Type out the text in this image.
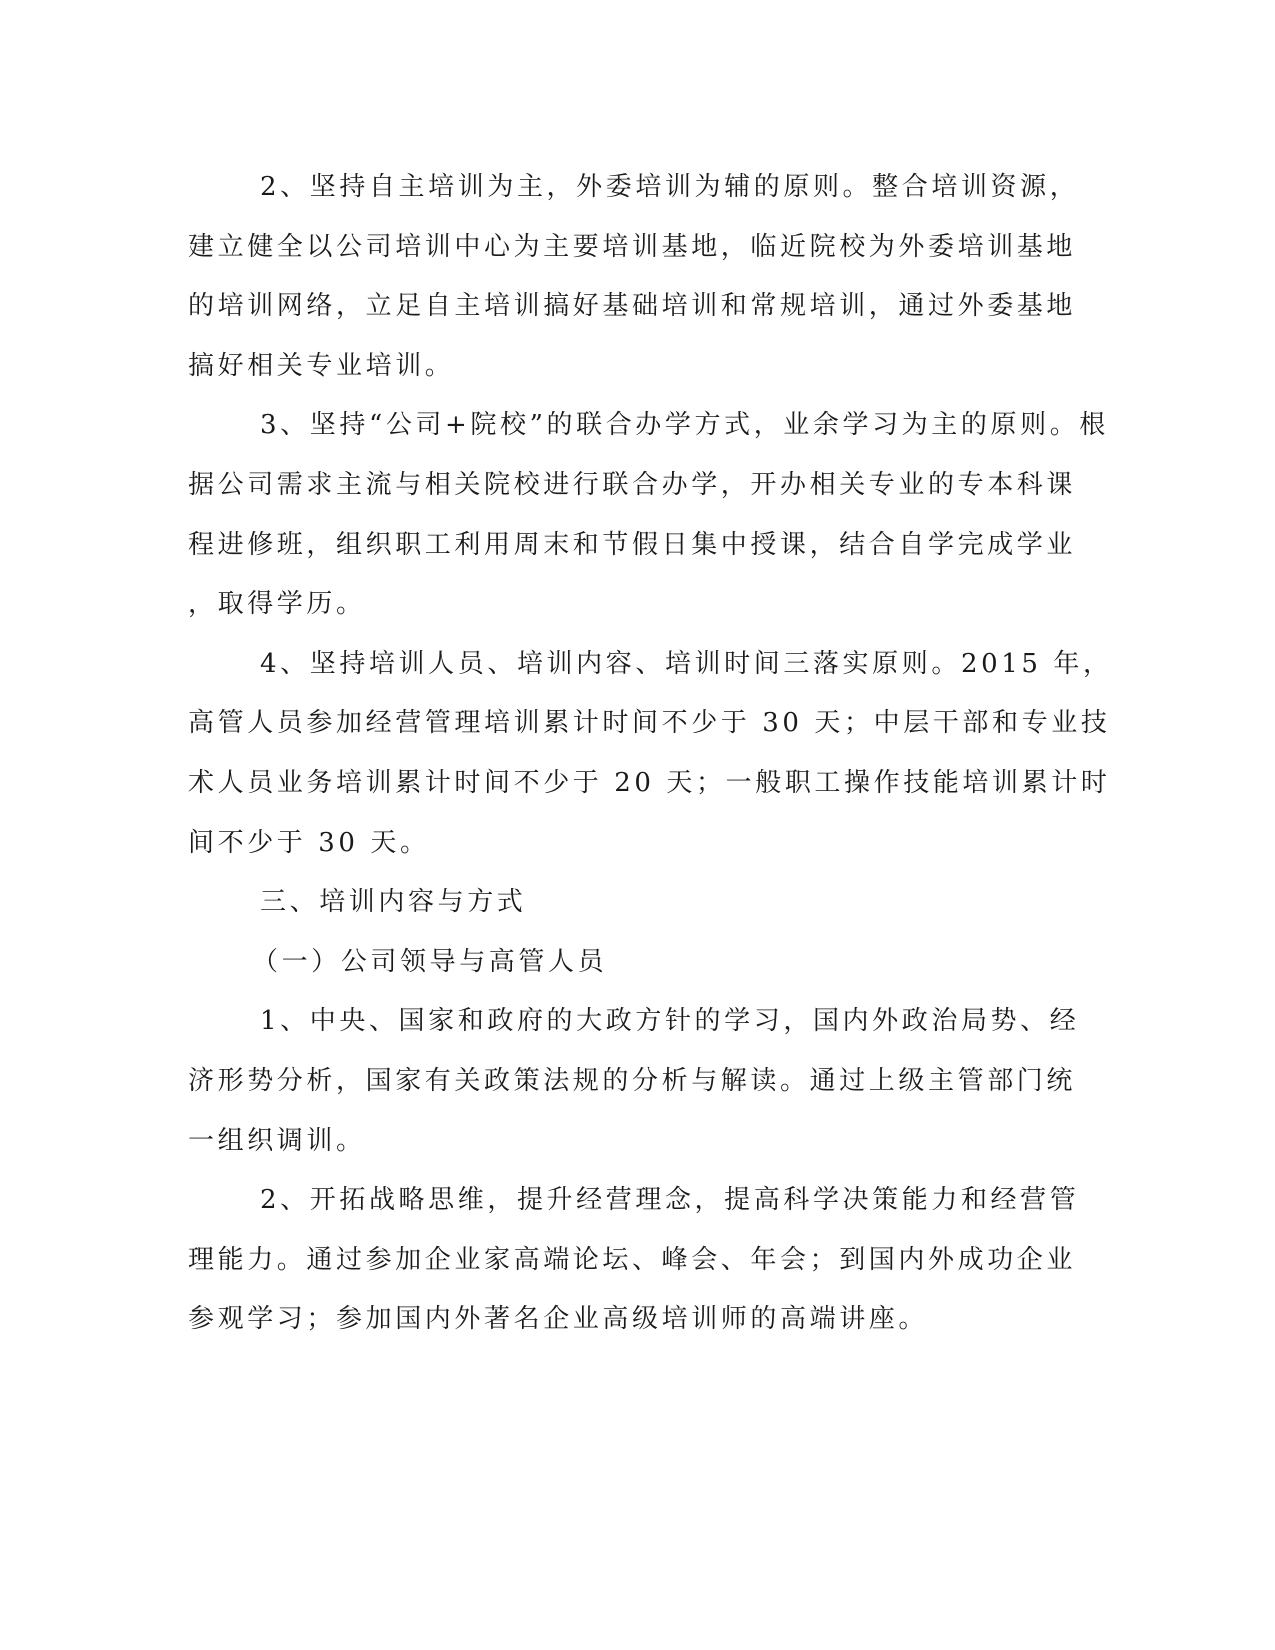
2、坚持自主培训为主，外委培训为辅的原则。整合培训资源，
建立健全以公司培训中心为主要培训基地，临近院校为外委培训基地
的培训网络，立足自主培训搞好基础培训和常规培训，通过外委基地
搞好相关专业培训。
3、坚持“公司+院校”的联合办学方式，业余学习为主的原则。根
据公司需求主流与相关院校进行联合办学，开办相关专业的专本科课
程进修班，组织职工利用周末和节假日集中授课，结合自学完成学业
，取得学历。
4、坚持培训人员、培训内容、培训时间三落实原则。2015 年，
高管人员参加经营管理培训累计时间不少于 30 天；中层干部和专业技
术人员业务培训累计时间不少于 20 天；一般职工操作技能培训累计时
间不少于 30 天。
三、培训内容与方式
（一）公司领导与高管人员
1、中央、国家和政府的大政方针的学习，国内外政治局势、经
济形势分析，国家有关政策法规的分析与解读。通过上级主管部门统
一组织调训。
2、开拓战略思维，提升经营理念，提高科学决策能力和经营管
理能力。通过参加企业家高端论坛、峰会、年会；到国内外成功企业
参观学习；参加国内外著名企业高级培训师的高端讲座。
